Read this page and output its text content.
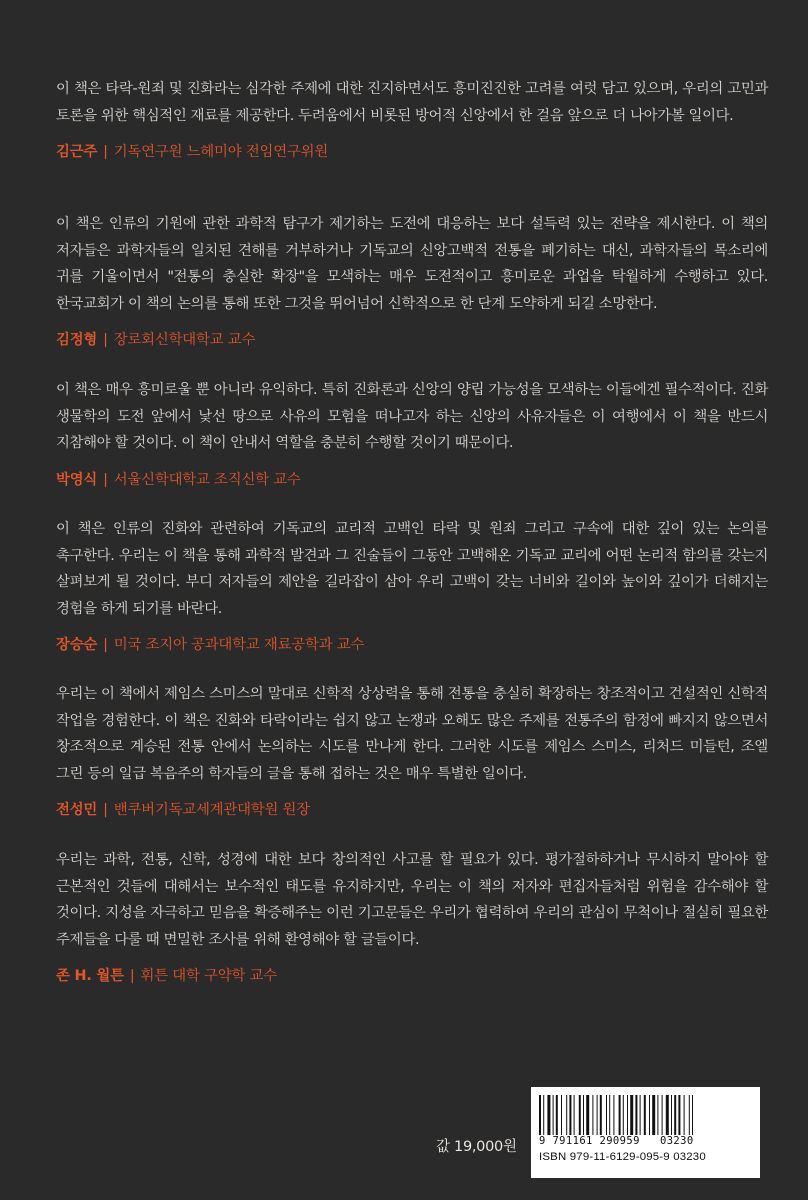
이 책은 타락-원죄 및 진화라는 심각한 주제에 대한 진지하면서도 흥미진진한 고려를 여럿 담고 있으며, 우리의 고민과 토론을 위한 핵심적인 재료를 제공한다. 두려움에서 비롯된 방어적 신앙에서 한 걸음 앞으로 더 나아가볼 일이다.

김근주 | 기독연구원 느헤미야 전임연구위원

이 책은 인류의 기원에 관한 과학적 탐구가 제기하는 도전에 대응하는 보다 설득력 있는 전략을 제시한다. 이 책의 저자들은 과학자들의 일치된 견해를 거부하거나 기독교의 신앙고백적 전통을 폐기하는 대신, 과학자들의 목소리에 귀를 기울이면서 "전통의 충실한 확장"을 모색하는 매우 도전적이고 흥미로운 과업을 탁월하게 수행하고 있다. 한국교회가 이 책의 논의를 통해 또한 그것을 뛰어넘어 신학적으로 한 단계 도약하게 되길 소망한다.

김정형 | 장로회신학대학교 교수

이 책은 매우 흥미로울 뿐 아니라 유익하다. 특히 진화론과 신앙의 양립 가능성을 모색하는 이들에겐 필수적이다. 진화 생물학의 도전 앞에서 낯선 땅으로 사유의 모험을 떠나고자 하는 신앙의 사유자들은 이 여행에서 이 책을 반드시 지참해야 할 것이다. 이 책이 안내서 역할을 충분히 수행할 것이기 때문이다.

박영식 | 서울신학대학교 조직신학 교수

이 책은 인류의 진화와 관련하여 기독교의 교리적 고백인 타락 및 원죄 그리고 구속에 대한 깊이 있는 논의를 촉구한다. 우리는 이 책을 통해 과학적 발견과 그 진술들이 그동안 고백해온 기독교 교리에 어떤 논리적 함의를 갖는지 살펴보게 될 것이다. 부디 저자들의 제안을 길라잡이 삼아 우리 고백이 갖는 너비와 길이와 높이와 깊이가 더해지는 경험을 하게 되기를 바란다.

장승순 | 미국 조지아 공과대학교 재료공학과 교수

우리는 이 책에서 제임스 스미스의 말대로 신학적 상상력을 통해 전통을 충실히 확장하는 창조적이고 건설적인 신학적 작업을 경험한다. 이 책은 진화와 타락이라는 쉽지 않고 논쟁과 오해도 많은 주제를 전통주의 함정에 빠지지 않으면서 창조적으로 계승된 전통 안에서 논의하는 시도를 만나게 한다. 그러한 시도를 제임스 스미스, 리처드 미들턴, 조엘 그린 등의 일급 복음주의 학자들의 글을 통해 접하는 것은 매우 특별한 일이다.

전성민 | 밴쿠버기독교세계관대학원 원장

우리는 과학, 전통, 신학, 성경에 대한 보다 창의적인 사고를 할 필요가 있다. 평가절하하거나 무시하지 말아야 할 근본적인 것들에 대해서는 보수적인 태도를 유지하지만, 우리는 이 책의 저자와 편집자들처럼 위험을 감수해야 할 것이다. 지성을 자극하고 믿음을 확증해주는 이런 기고문들은 우리가 협력하여 우리의 관심이 무척이나 절실히 필요한 주제들을 다룰 때 면밀한 조사를 위해 환영해야 할 글들이다.

존 H. 월튼 | 휘튼 대학 구약학 교수
값 19,000원 9 791161 290959   03230
ISBN 979-11-6129-095-9 03230
